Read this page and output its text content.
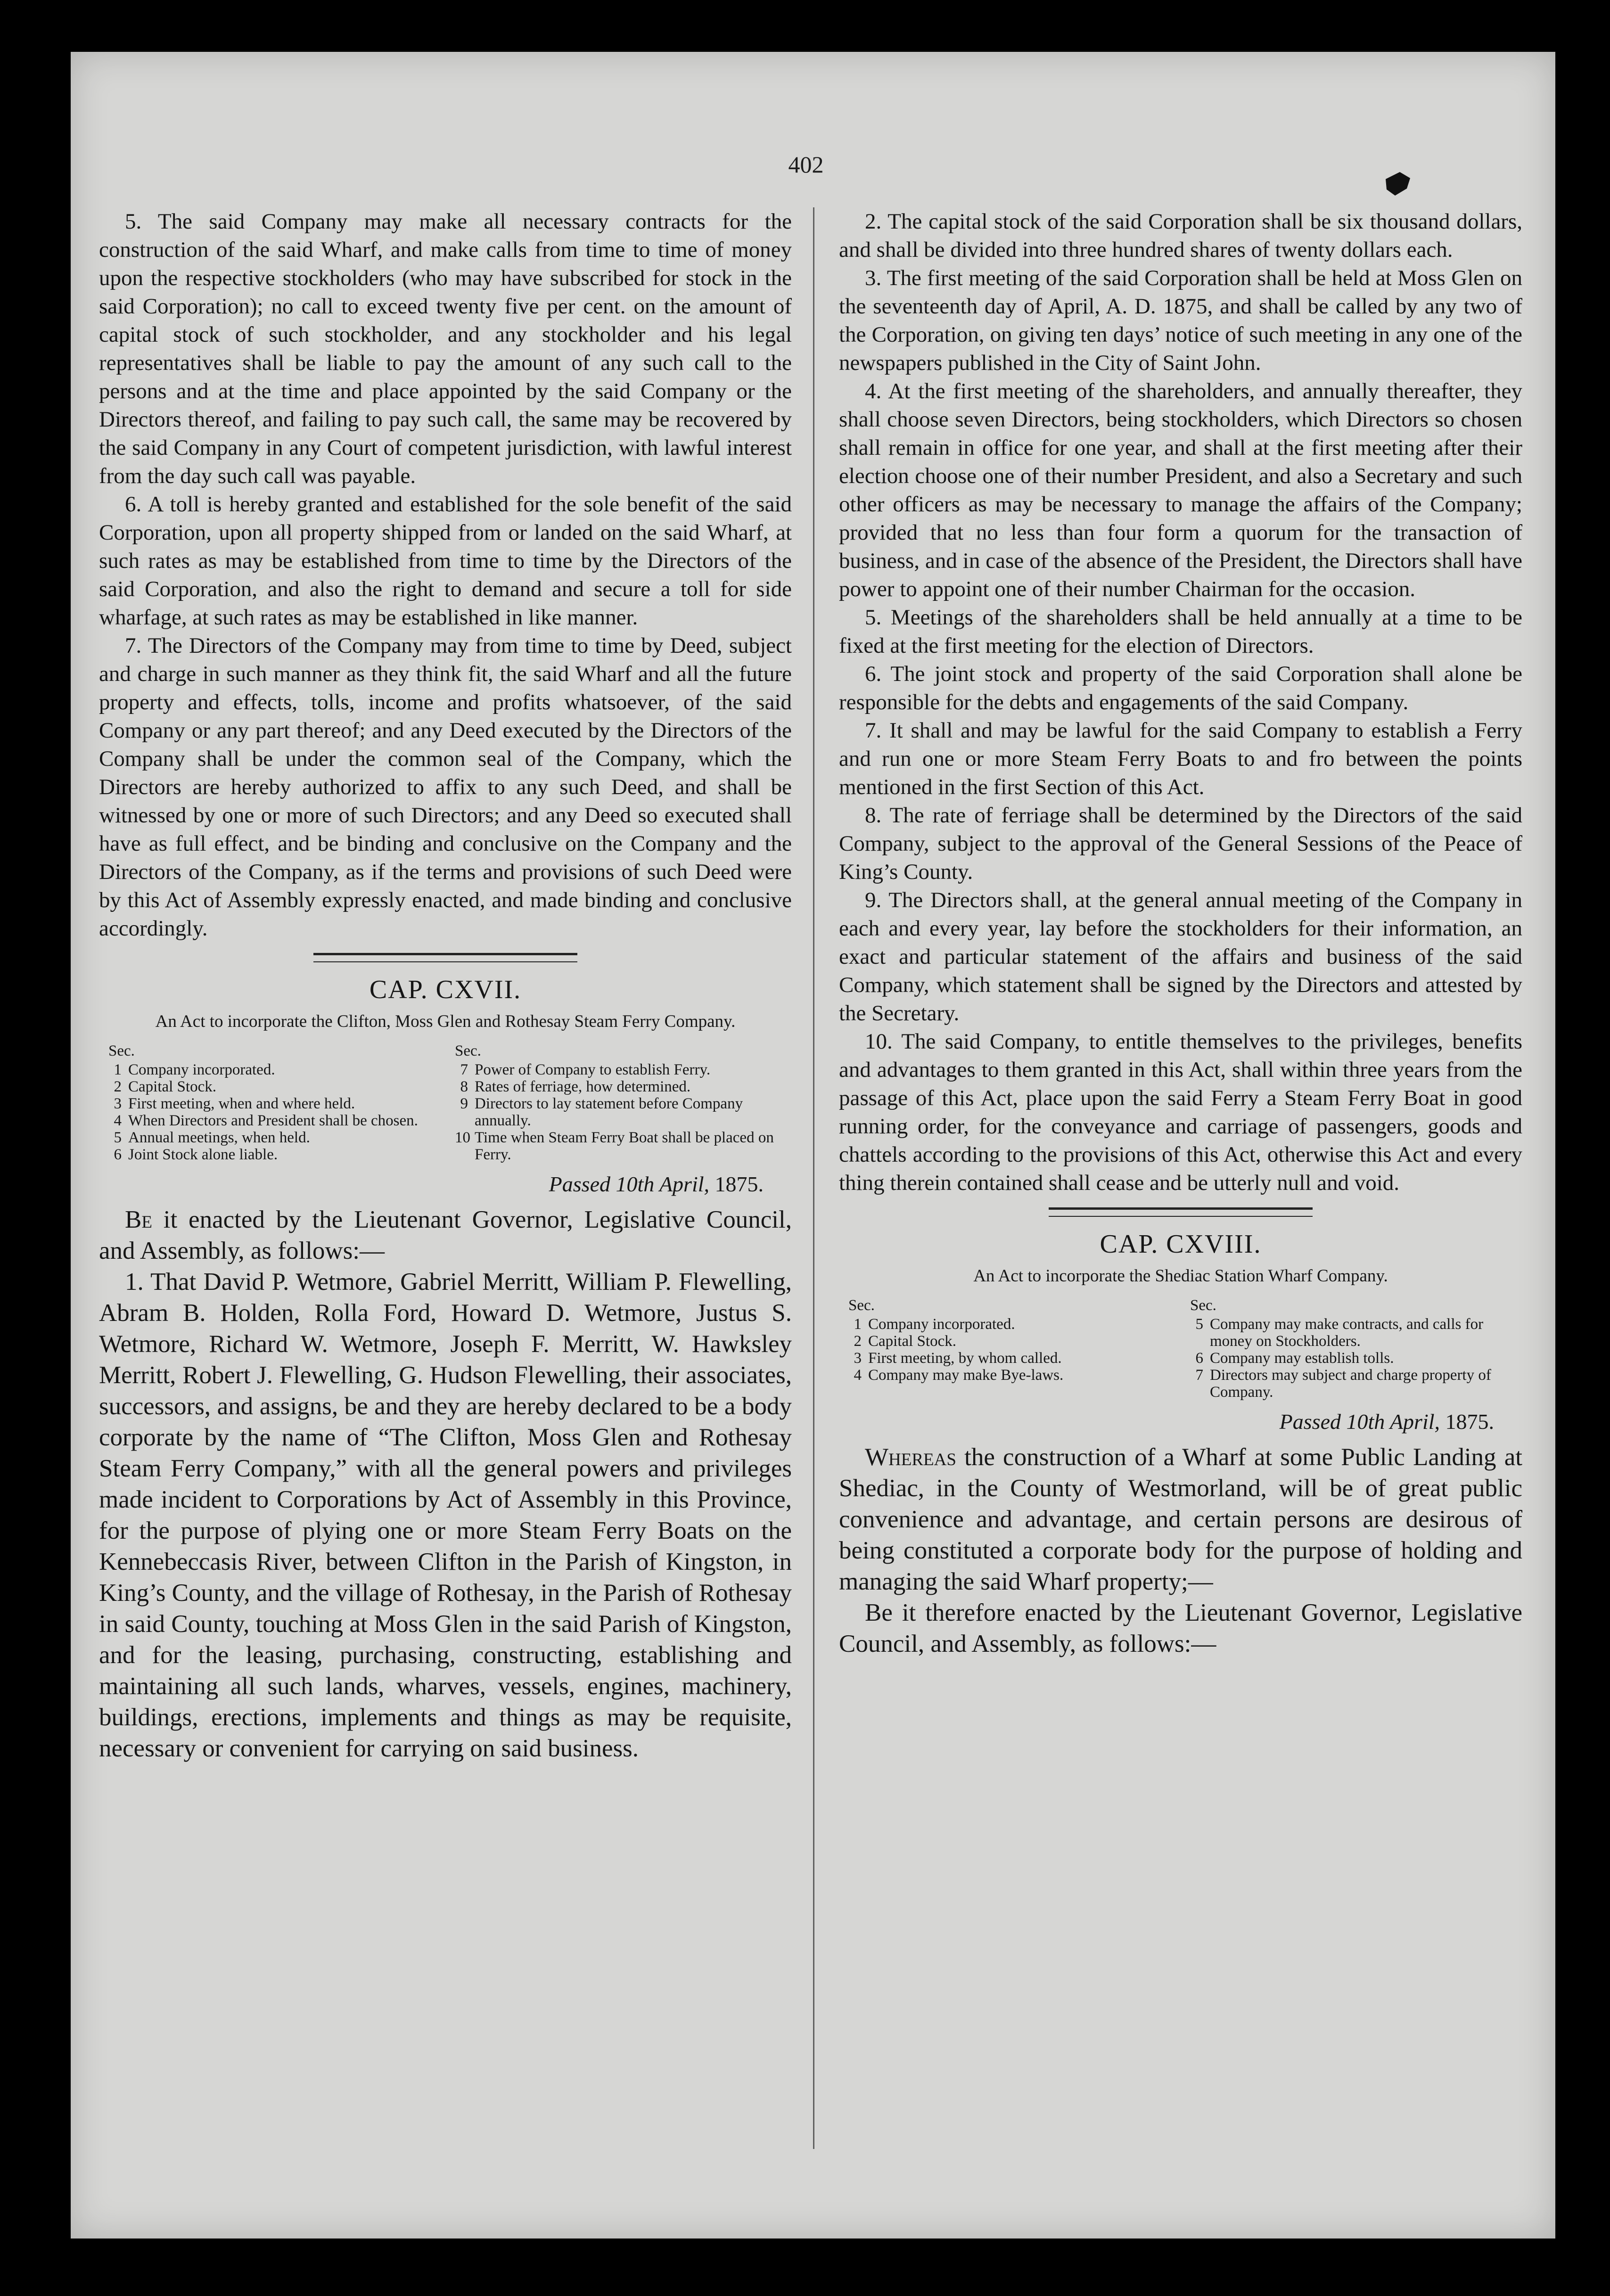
402

5. The said Company may make all necessary contracts for the construction of the said Wharf, and make calls from time to time of money upon the respective stockholders (who may have subscribed for stock in the said Corporation); no call to exceed twenty five per cent. on the amount of capital stock of such stockholder, and any stockholder and his legal representatives shall be liable to pay the amount of any such call to the persons and at the time and place appointed by the said Company or the Directors thereof, and failing to pay such call, the same may be recovered by the said Company in any Court of competent jurisdiction, with lawful interest from the day such call was payable.

6. A toll is hereby granted and established for the sole benefit of the said Corporation, upon all property shipped from or landed on the said Wharf, at such rates as may be established from time to time by the Directors of the said Corporation, and also the right to demand and secure a toll for side wharfage, at such rates as may be established in like manner.

7. The Directors of the Company may from time to time by Deed, subject and charge in such manner as they think fit, the said Wharf and all the future property and effects, tolls, income and profits whatsoever, of the said Company or any part thereof; and any Deed executed by the Directors of the Company shall be under the common seal of the Company, which the Directors are hereby authorized to affix to any such Deed, and shall be witnessed by one or more of such Directors; and any Deed so executed shall have as full effect, and be binding and conclusive on the Company and the Directors of the Company, as if the terms and provisions of such Deed were by this Act of Assembly expressly enacted, and made binding and conclusive accordingly.

CAP. CXVII.
An Act to incorporate the Clifton, Moss Glen and Rothesay Steam Ferry Company.
Sec.
1 Company incorporated.
2 Capital Stock.
3 First meeting, when and where held.
4 When Directors and President shall be chosen.
5 Annual meetings, when held.
6 Joint Stock alone liable.
Sec.
7 Power of Company to establish Ferry.
8 Rates of ferriage, how determined.
9 Directors to lay statement before Company annually.
10 Time when Steam Ferry Boat shall be placed on Ferry.
Passed 10th April, 1875.

Be it enacted by the Lieutenant Governor, Legislative Council, and Assembly, as follows:—

1. That David P. Wetmore, Gabriel Merritt, William P. Flewelling, Abram B. Holden, Rolla Ford, Howard D. Wetmore, Justus S. Wetmore, Richard W. Wetmore, Joseph F. Merritt, W. Hawksley Merritt, Robert J. Flewelling, G. Hudson Flewelling, their associates, successors, and assigns, be and they are hereby declared to be a body corporate by the name of “The Clifton, Moss Glen and Rothesay Steam Ferry Company,” with all the general powers and privileges made incident to Corporations by Act of Assembly in this Province, for the purpose of plying one or more Steam Ferry Boats on the Kennebeccasis River, between Clifton in the Parish of Kingston, in King’s County, and the village of Rothesay, in the Parish of Rothesay in said County, touching at Moss Glen in the said Parish of Kingston, and for the leasing, purchasing, constructing, establishing and maintaining all such lands, wharves, vessels, engines, machinery, buildings, erections, implements and things as may be requisite, necessary or convenient for carrying on said business.

2. The capital stock of the said Corporation shall be six thousand dollars, and shall be divided into three hundred shares of twenty dollars each.

3. The first meeting of the said Corporation shall be held at Moss Glen on the seventeenth day of April, A. D. 1875, and shall be called by any two of the Corporation, on giving ten days’ notice of such meeting in any one of the newspapers published in the City of Saint John.

4. At the first meeting of the shareholders, and annually thereafter, they shall choose seven Directors, being stockholders, which Directors so chosen shall remain in office for one year, and shall at the first meeting after their election choose one of their number President, and also a Secretary and such other officers as may be necessary to manage the affairs of the Company; provided that no less than four form a quorum for the transaction of business, and in case of the absence of the President, the Directors shall have power to appoint one of their number Chairman for the occasion.

5. Meetings of the shareholders shall be held annually at a time to be fixed at the first meeting for the election of Directors.

6. The joint stock and property of the said Corporation shall alone be responsible for the debts and engagements of the said Company.

7. It shall and may be lawful for the said Company to establish a Ferry and run one or more Steam Ferry Boats to and fro between the points mentioned in the first Section of this Act.

8. The rate of ferriage shall be determined by the Directors of the said Company, subject to the approval of the General Sessions of the Peace of King’s County.

9. The Directors shall, at the general annual meeting of the Company in each and every year, lay before the stockholders for their information, an exact and particular statement of the affairs and business of the said Company, which statement shall be signed by the Directors and attested by the Secretary.

10. The said Company, to entitle themselves to the privileges, benefits and advantages to them granted in this Act, shall within three years from the passage of this Act, place upon the said Ferry a Steam Ferry Boat in good running order, for the conveyance and carriage of passengers, goods and chattels according to the provisions of this Act, otherwise this Act and every thing therein contained shall cease and be utterly null and void.

CAP. CXVIII.
An Act to incorporate the Shediac Station Wharf Company.
Sec.
1 Company incorporated.
2 Capital Stock.
3 First meeting, by whom called.
4 Company may make Bye-laws.
Sec.
5 Company may make contracts, and calls for money on Stockholders.
6 Company may establish tolls.
7 Directors may subject and charge property of Company.
Passed 10th April, 1875.

Whereas the construction of a Wharf at some Public Landing at Shediac, in the County of Westmorland, will be of great public convenience and advantage, and certain persons are desirous of being constituted a corporate body for the purpose of holding and managing the said Wharf property;—

Be it therefore enacted by the Lieutenant Governor, Legislative Council, and Assembly, as follows:—
